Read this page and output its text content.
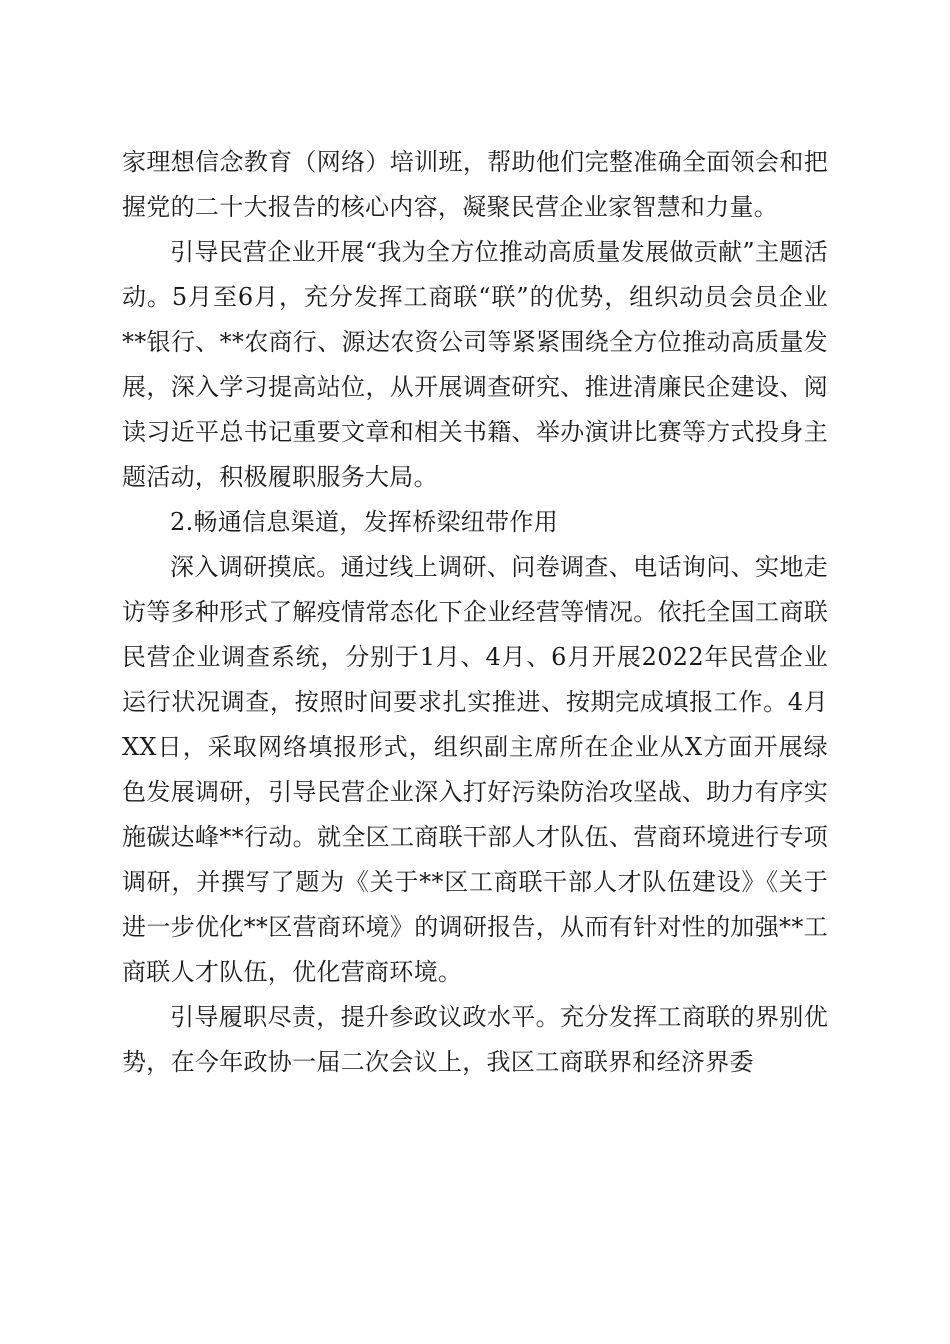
家理想信念教育（网络）培训班，帮助他们完整准确全面领会和把握党的二十大报告的核心内容，凝聚民营企业家智慧和力量。

引导民营企业开展“我为全方位推动高质量发展做贡献”主题活动。5月至6月，充分发挥工商联“联”的优势，组织动员会员企业**银行、**农商行、源达农资公司等紧紧围绕全方位推动高质量发展，深入学习提高站位，从开展调查研究、推进清廉民企建设、阅读习近平总书记重要文章和相关书籍、举办演讲比赛等方式投身主题活动，积极履职服务大局。

2.畅通信息渠道，发挥桥梁纽带作用

深入调研摸底。通过线上调研、问卷调查、电话询问、实地走访等多种形式了解疫情常态化下企业经营等情况。依托全国工商联民营企业调查系统，分别于1月、4月、6月开展2022年民营企业运行状况调查，按照时间要求扎实推进、按期完成填报工作。4月XX日，采取网络填报形式，组织副主席所在企业从X方面开展绿色发展调研，引导民营企业深入打好污染防治攻坚战、助力有序实施碳达峰**行动。就全区工商联干部人才队伍、营商环境进行专项调研，并撰写了题为《关于**区工商联干部人才队伍建设》《关于进一步优化**区营商环境》的调研报告，从而有针对性的加强**工商联人才队伍，优化营商环境。

引导履职尽责，提升参政议政水平。充分发挥工商联的界别优势，在今年政协一届二次会议上，我区工商联界和经济界委
